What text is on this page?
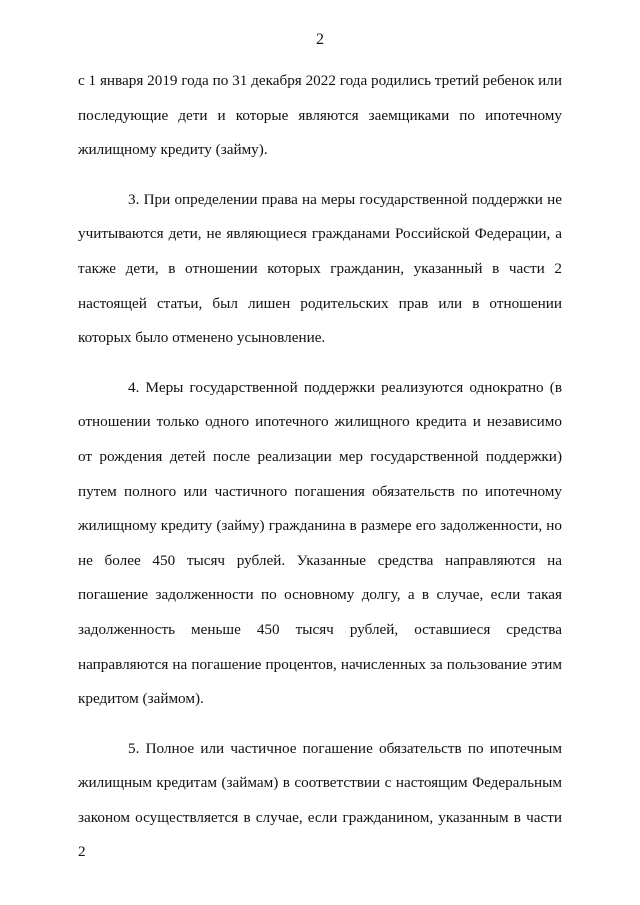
2

с 1 января 2019 года по 31 декабря 2022 года родились третий ребенок или последующие дети и которые являются заемщиками по ипотечному жилищному кредиту (займу).

3. При определении права на меры государственной поддержки не учитываются дети, не являющиеся гражданами Российской Федерации, а также дети, в отношении которых гражданин, указанный в части 2 настоящей статьи, был лишен родительских прав или в отношении которых было отменено усыновление.

4. Меры государственной поддержки реализуются однократно (в отношении только одного ипотечного жилищного кредита и независимо от рождения детей после реализации мер государственной поддержки) путем полного или частичного погашения обязательств по ипотечному жилищному кредиту (займу) гражданина в размере его задолженности, но не более 450 тысяч рублей. Указанные средства направляются на погашение задолженности по основному долгу, а в случае, если такая задолженность меньше 450 тысяч рублей, оставшиеся средства направляются на погашение процентов, начисленных за пользование этим кредитом (займом).

5. Полное или частичное погашение обязательств по ипотечным жилищным кредитам (займам) в соответствии с настоящим Федеральным законом осуществляется в случае, если гражданином, указанным в части 2
